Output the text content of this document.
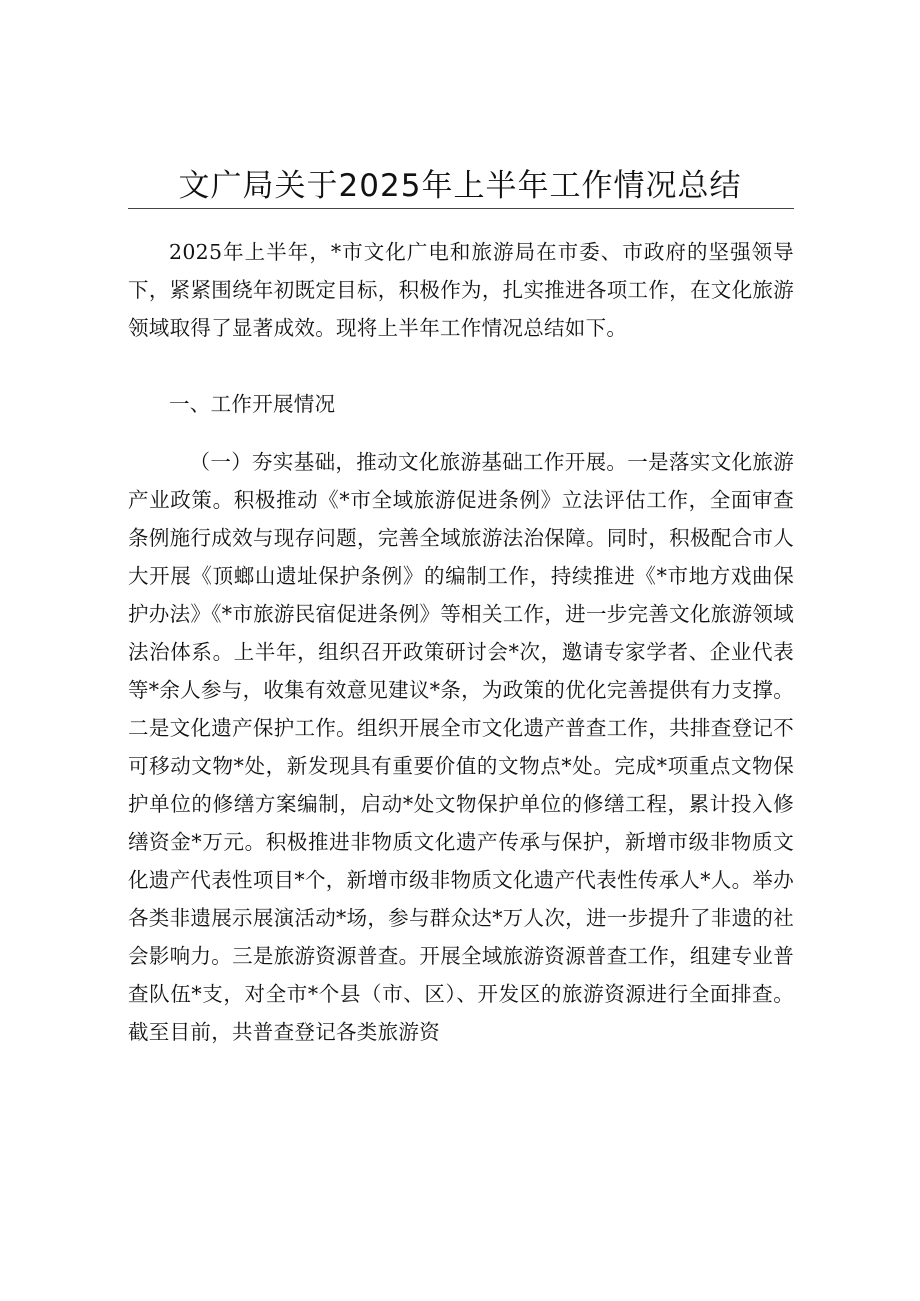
文广局关于2025年上半年工作情况总结

2025年上半年，*市文化广电和旅游局在市委、市政府的坚强领导下，紧紧围绕年初既定目标，积极作为，扎实推进各项工作，在文化旅游领域取得了显著成效。现将上半年工作情况总结如下。

一、工作开展情况

（一）夯实基础，推动文化旅游基础工作开展。一是落实文化旅游产业政策。积极推动《*市全域旅游促进条例》立法评估工作，全面审查条例施行成效与现存问题，完善全域旅游法治保障。同时，积极配合市人大开展《顶螂山遗址保护条例》的编制工作，持续推进《*市地方戏曲保护办法》《*市旅游民宿促进条例》等相关工作，进一步完善文化旅游领域法治体系。上半年，组织召开政策研讨会*次，邀请专家学者、企业代表等*余人参与，收集有效意见建议*条，为政策的优化完善提供有力支撑。二是文化遗产保护工作。组织开展全市文化遗产普查工作，共排查登记不可移动文物*处，新发现具有重要价值的文物点*处。完成*项重点文物保护单位的修缮方案编制，启动*处文物保护单位的修缮工程，累计投入修缮资金*万元。积极推进非物质文化遗产传承与保护，新增市级非物质文化遗产代表性项目*个，新增市级非物质文化遗产代表性传承人*人。举办各类非遗展示展演活动*场，参与群众达*万人次，进一步提升了非遗的社会影响力。三是旅游资源普查。开展全域旅游资源普查工作，组建专业普查队伍*支，对全市*个县（市、区）、开发区的旅游资源进行全面排查。截至目前，共普查登记各类旅游资
